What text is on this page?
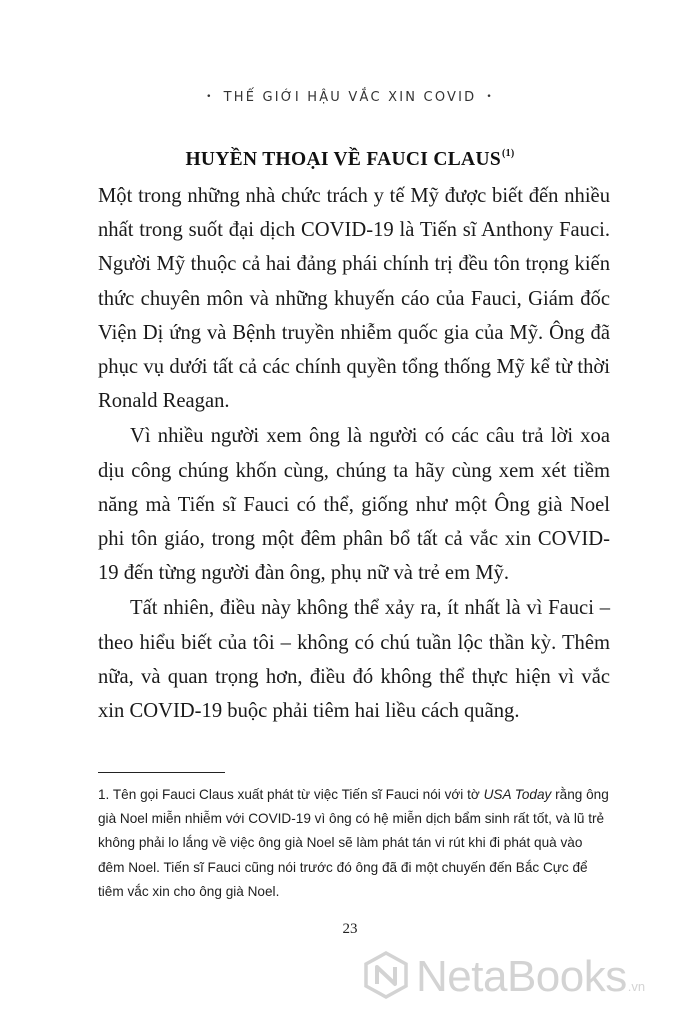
• THẾ GIỚI HẬU VẮC XIN COVID •
HUYỀN THOẠI VỀ FAUCI CLAUS$^{(1)}$

Một trong những nhà chức trách y tế Mỹ được biết đến nhiều nhất trong suốt đại dịch COVID-19 là Tiến sĩ Anthony Fauci. Người Mỹ thuộc cả hai đảng phái chính trị đều tôn trọng kiến thức chuyên môn và những khuyến cáo của Fauci, Giám đốc Viện Dị ứng và Bệnh truyền nhiễm quốc gia của Mỹ. Ông đã phục vụ dưới tất cả các chính quyền tổng thống Mỹ kể từ thời Ronald Reagan.

Vì nhiều người xem ông là người có các câu trả lời xoa dịu công chúng khốn cùng, chúng ta hãy cùng xem xét tiềm năng mà Tiến sĩ Fauci có thể, giống như một Ông già Noel phi tôn giáo, trong một đêm phân bổ tất cả vắc xin COVID-19 đến từng người đàn ông, phụ nữ và trẻ em Mỹ.

Tất nhiên, điều này không thể xảy ra, ít nhất là vì Fauci – theo hiểu biết của tôi – không có chú tuần lộc thần kỳ. Thêm nữa, và quan trọng hơn, điều đó không thể thực hiện vì vắc xin COVID-19 buộc phải tiêm hai liều cách quãng.

1. Tên gọi Fauci Claus xuất phát từ việc Tiến sĩ Fauci nói với tờ USA Today rằng ông già Noel miễn nhiễm với COVID-19 vì ông có hệ miễn dịch bẩm sinh rất tốt, và lũ trẻ không phải lo lắng về việc ông già Noel sẽ làm phát tán vi rút khi đi phát quà vào đêm Noel. Tiến sĩ Fauci cũng nói trước đó ông đã đi một chuyến đến Bắc Cực để tiêm vắc xin cho ông già Noel.
23
NetaBooks .vn
